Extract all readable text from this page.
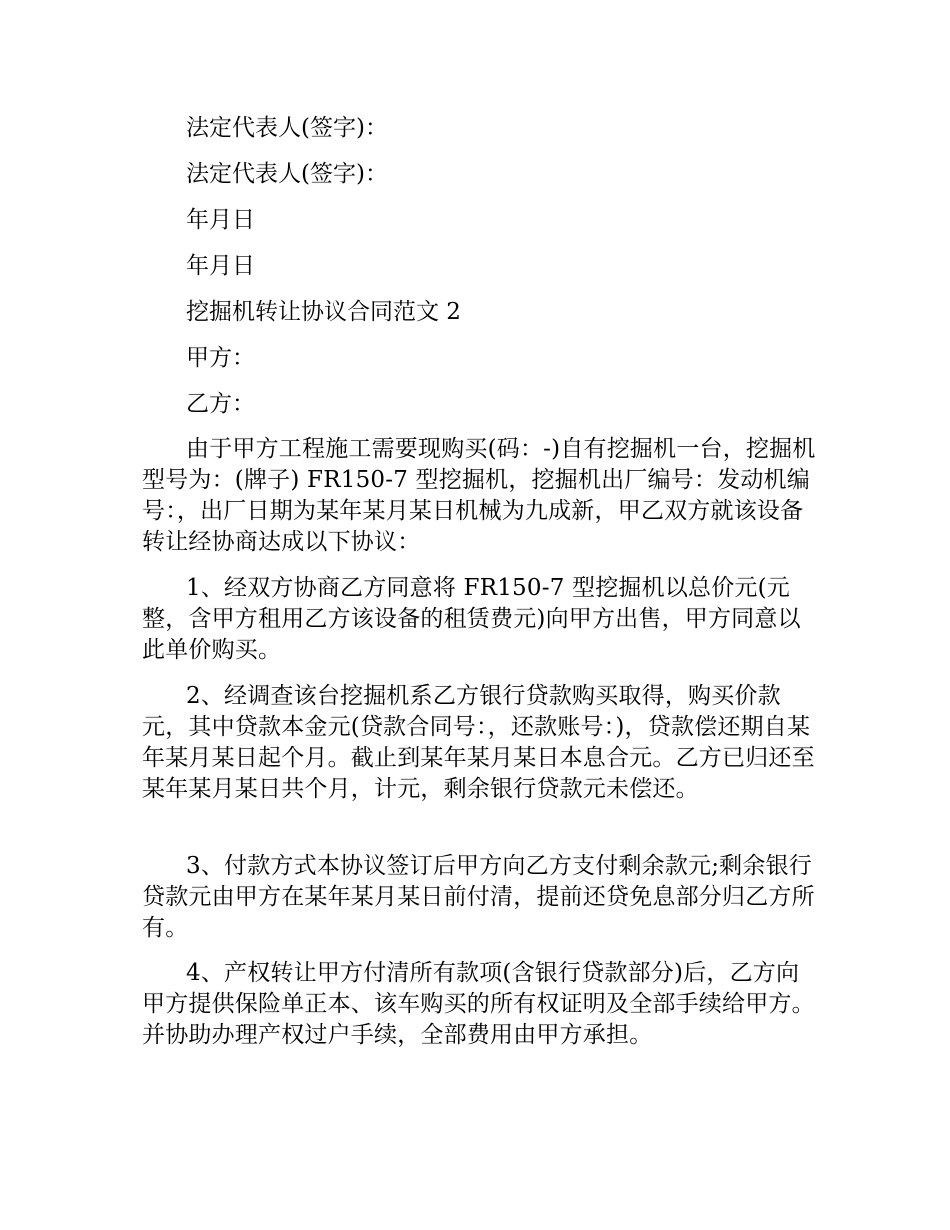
法定代表人(签字)：
法定代表人(签字)：
年月日
年月日
挖掘机转让协议合同范文 2
甲方：
乙方：
由于甲方工程施工需要现购买(码：-)自有挖掘机一台，挖掘机型号为：(牌子) FR150-7 型挖掘机，挖掘机出厂编号：发动机编号：，出厂日期为某年某月某日机械为九成新，甲乙双方就该设备转让经协商达成以下协议：
1、经双方协商乙方同意将 FR150-7 型挖掘机以总价元(元整，含甲方租用乙方该设备的租赁费元)向甲方出售，甲方同意以此单价购买。
2、经调查该台挖掘机系乙方银行贷款购买取得，购买价款元，其中贷款本金元(贷款合同号：，还款账号：)，贷款偿还期自某年某月某日起个月。截止到某年某月某日本息合元。乙方已归还至某年某月某日共个月，计元，剩余银行贷款元未偿还。
3、付款方式本协议签订后甲方向乙方支付剩余款元;剩余银行贷款元由甲方在某年某月某日前付清，提前还贷免息部分归乙方所有。
4、产权转让甲方付清所有款项(含银行贷款部分)后，乙方向甲方提供保险单正本、该车购买的所有权证明及全部手续给甲方。并协助办理产权过户手续，全部费用由甲方承担。
